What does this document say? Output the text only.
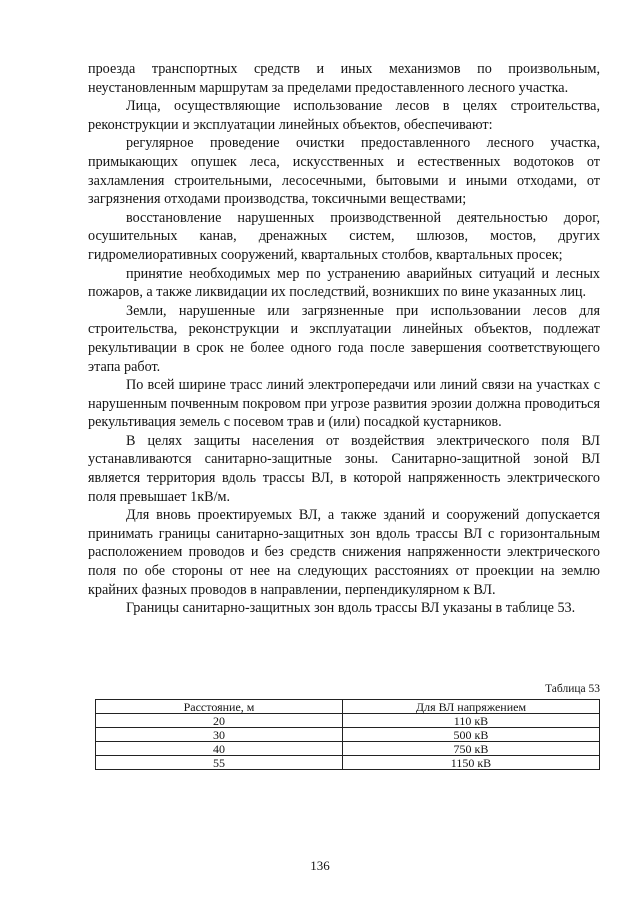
проезда транспортных средств и иных механизмов по произвольным, неустановленным маршрутам за пределами предоставленного лесного участка.

Лица, осуществляющие использование лесов в целях строительства, реконструкции и эксплуатации линейных объектов, обеспечивают:

регулярное проведение очистки предоставленного лесного участка, примыкающих опушек леса, искусственных и естественных водотоков от захламления строительными, лесосечными, бытовыми и иными отходами, от загрязнения отходами производства, токсичными веществами;

восстановление нарушенных производственной деятельностью дорог, осушительных канав, дренажных систем, шлюзов, мостов, других гидромелиоративных сооружений, квартальных столбов, квартальных просек;

принятие необходимых мер по устранению аварийных ситуаций и лесных пожаров, а также ликвидации их последствий, возникших по вине указанных лиц.

Земли, нарушенные или загрязненные при использовании лесов для строительства, реконструкции и эксплуатации линейных объектов, подлежат рекультивации в срок не более одного года после завершения соответствующего этапа работ.

По всей ширине трасс линий электропередачи или линий связи на участках с нарушенным почвенным покровом при угрозе развития эрозии должна проводиться рекультивация земель с посевом трав и (или) посадкой кустарников.

В целях защиты населения от воздействия электрического поля ВЛ устанавливаются санитарно-защитные зоны. Санитарно-защитной зоной ВЛ является территория вдоль трассы ВЛ, в которой напряженность электрического поля превышает 1кВ/м.

Для вновь проектируемых ВЛ, а также зданий и сооружений допускается принимать границы санитарно-защитных зон вдоль трассы ВЛ с горизонтальным расположением проводов и без средств снижения напряженности электрического поля по обе стороны от нее на следующих расстояниях от проекции на землю крайних фазных проводов в направлении, перпендикулярном к ВЛ.

Границы санитарно-защитных зон вдоль трассы ВЛ указаны в таблице 53.

Таблица 53
Расстояние, м	Для ВЛ напряжением
20	110 кВ
30	500 кВ
40	750 кВ
55	1150 кВ
136
